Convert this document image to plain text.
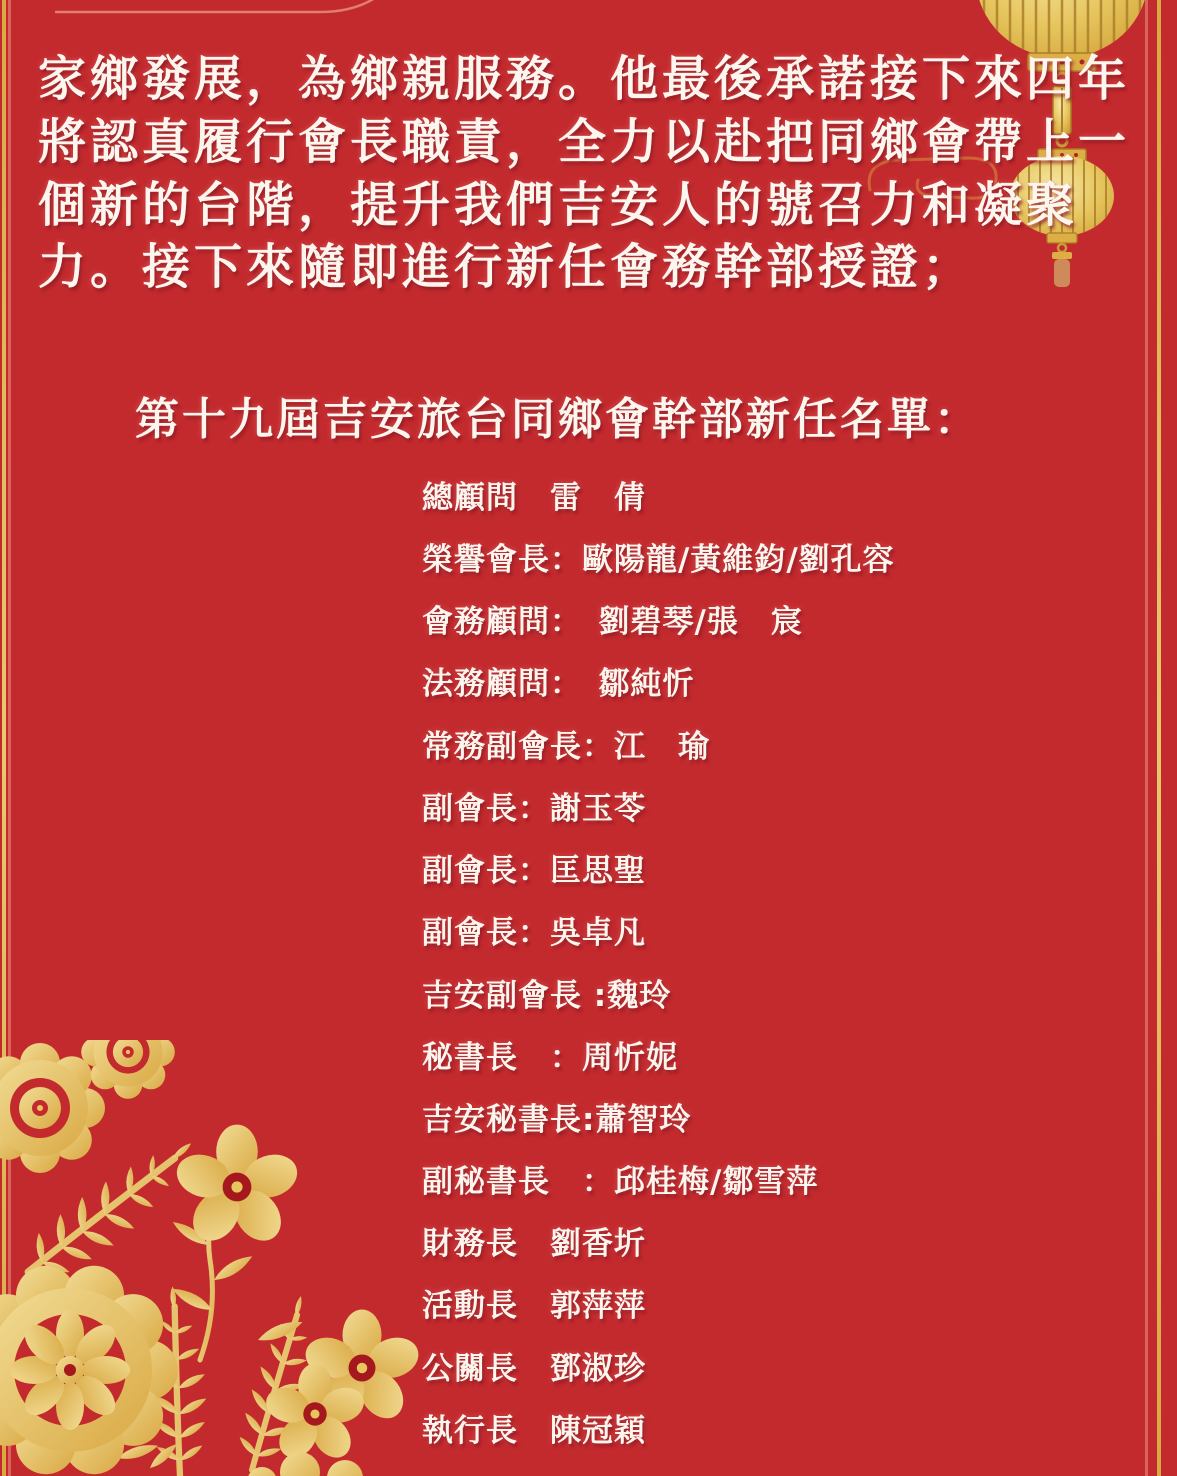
家鄉發展，為鄉親服務。他最後承諾接下來四年
將認真履行會長職責，全力以赴把同鄉會帶上一
個新的台階，提升我們吉安人的號召力和凝聚
力。接下來隨即進行新任會務幹部授證；
第十九屆吉安旅台同鄉會幹部新任名單：
總顧問　雷　倩
榮譽會長：歐陽龍/黃維鈞/劉孔容
會務顧問：　劉碧琴/張　宸
法務顧問：　鄒純忻
常務副會長：江　瑜
副會長：謝玉苓
副會長：匡思聖
副會長：吳卓凡
吉安副會長 :魏玲
秘書長　：周忻妮
吉安秘書長:蕭智玲
副秘書長　：邱桂梅/鄒雪萍
財務長　劉香圻
活動長　郭萍萍
公關長　鄧淑珍
執行長　陳冠穎
